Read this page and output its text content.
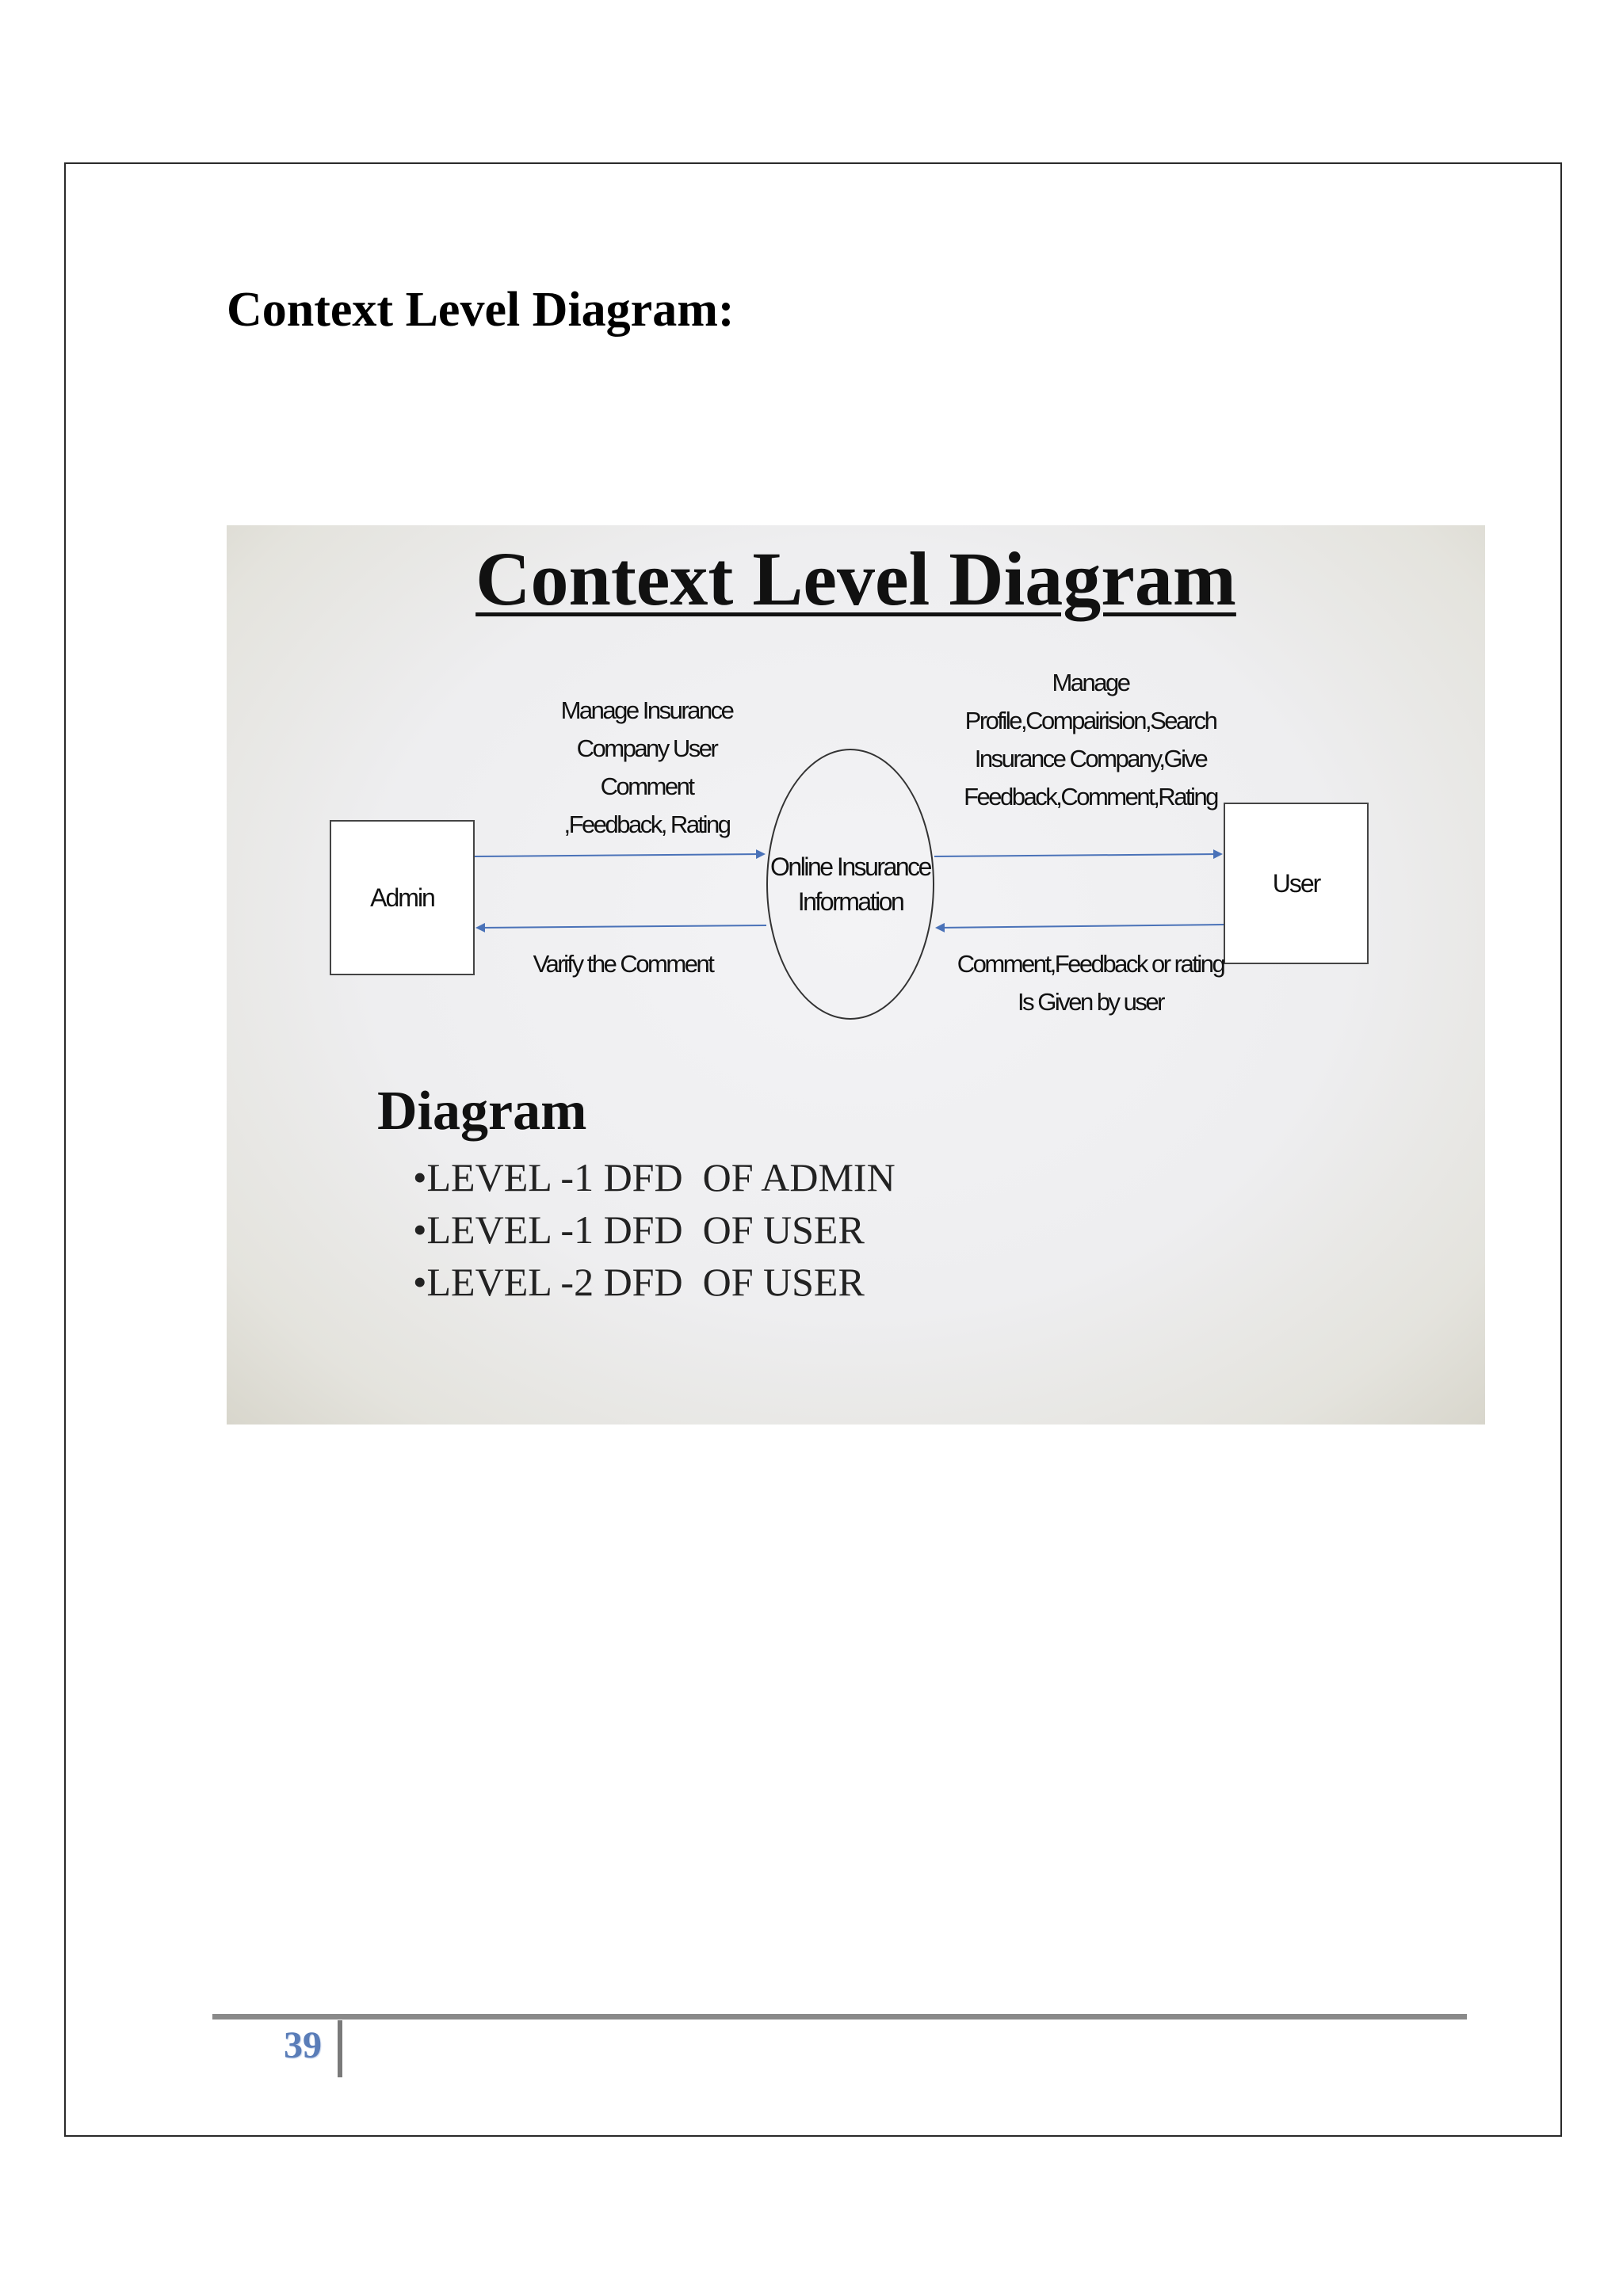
Context Level Diagram:
Context Level Diagram
Admin
Online Insurance
Information
User
Manage Insurance
Company User
Comment
,Feedback, Rating
Varify the Comment
Manage
Profile,Compairision,Search
Insurance Company,Give
Feedback,Comment,Rating
Comment,Feedback or rating
Is Given by user
Diagram
•LEVEL -1 DFD  OF ADMIN
•LEVEL -1 DFD  OF USER
•LEVEL -2 DFD  OF USER
39
